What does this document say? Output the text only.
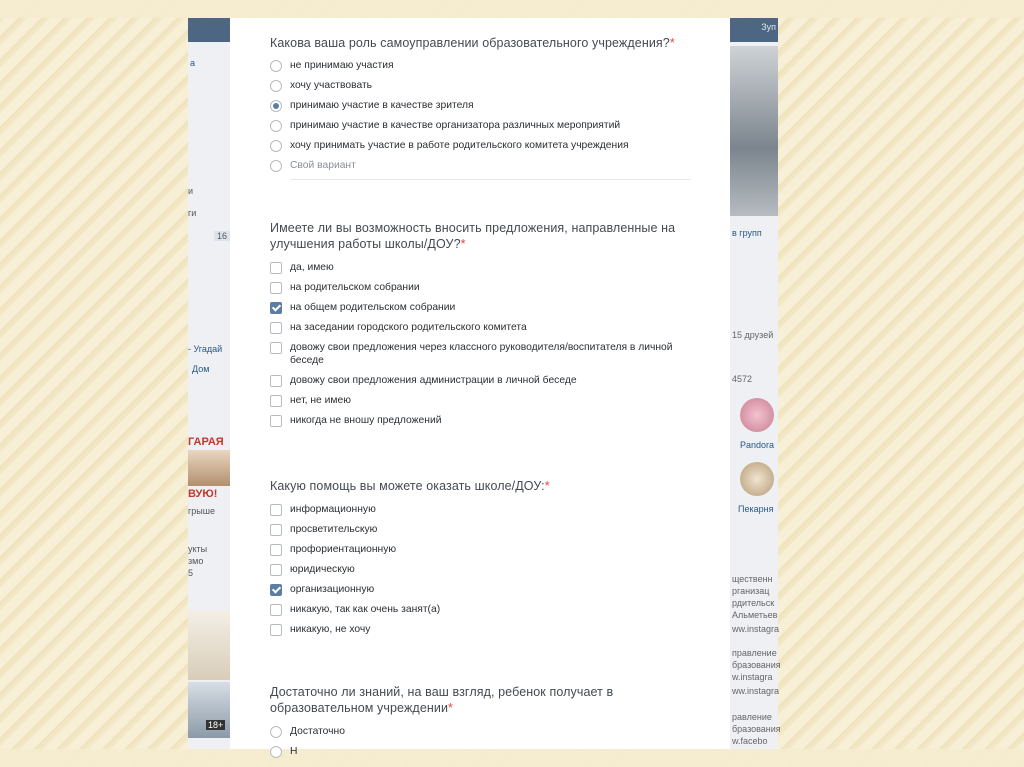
а
и
ги
16
- Угадай
Дом
ГАРАЯ
ВУЮ!
грыше
укты
змо
5
18+
Зуп
в групп
15 друзей
4572
Pandora
Пекарня
щественн
рганизац
рдительск
Альметьев
ww.instagra
правление
бразования
w.instagra
ww.instagra
равление
бразования
w.facebo
Какова ваша роль самоуправлении образовательного учреждения?*
не принимаю участия
хочу участвовать
принимаю участие в качестве зрителя
принимаю участие в качестве организатора различных мероприятий
хочу принимать участие в работе родительского комитета учреждения
Свой вариант
Имеете ли вы возможность вносить предложения, направленные на улучшения работы школы/ДОУ?*
да, имею
на родительском собрании
на общем родительском собрании
на заседании городского родительского комитета
довожу свои предложения через классного руководителя/воспитателя в личной беседе
довожу свои предложения администрации в личной беседе
нет, не имею
никогда не вношу предложений
Какую помощь вы можете оказать школе/ДОУ:*
информационную
просветительскую
профориентационную
юридическую
организационную
никакую, так как очень занят(а)
никакую, не хочу
Достаточно ли знаний, на ваш взгляд, ребенок получает в образовательном учреждении*
Достаточно
Н
